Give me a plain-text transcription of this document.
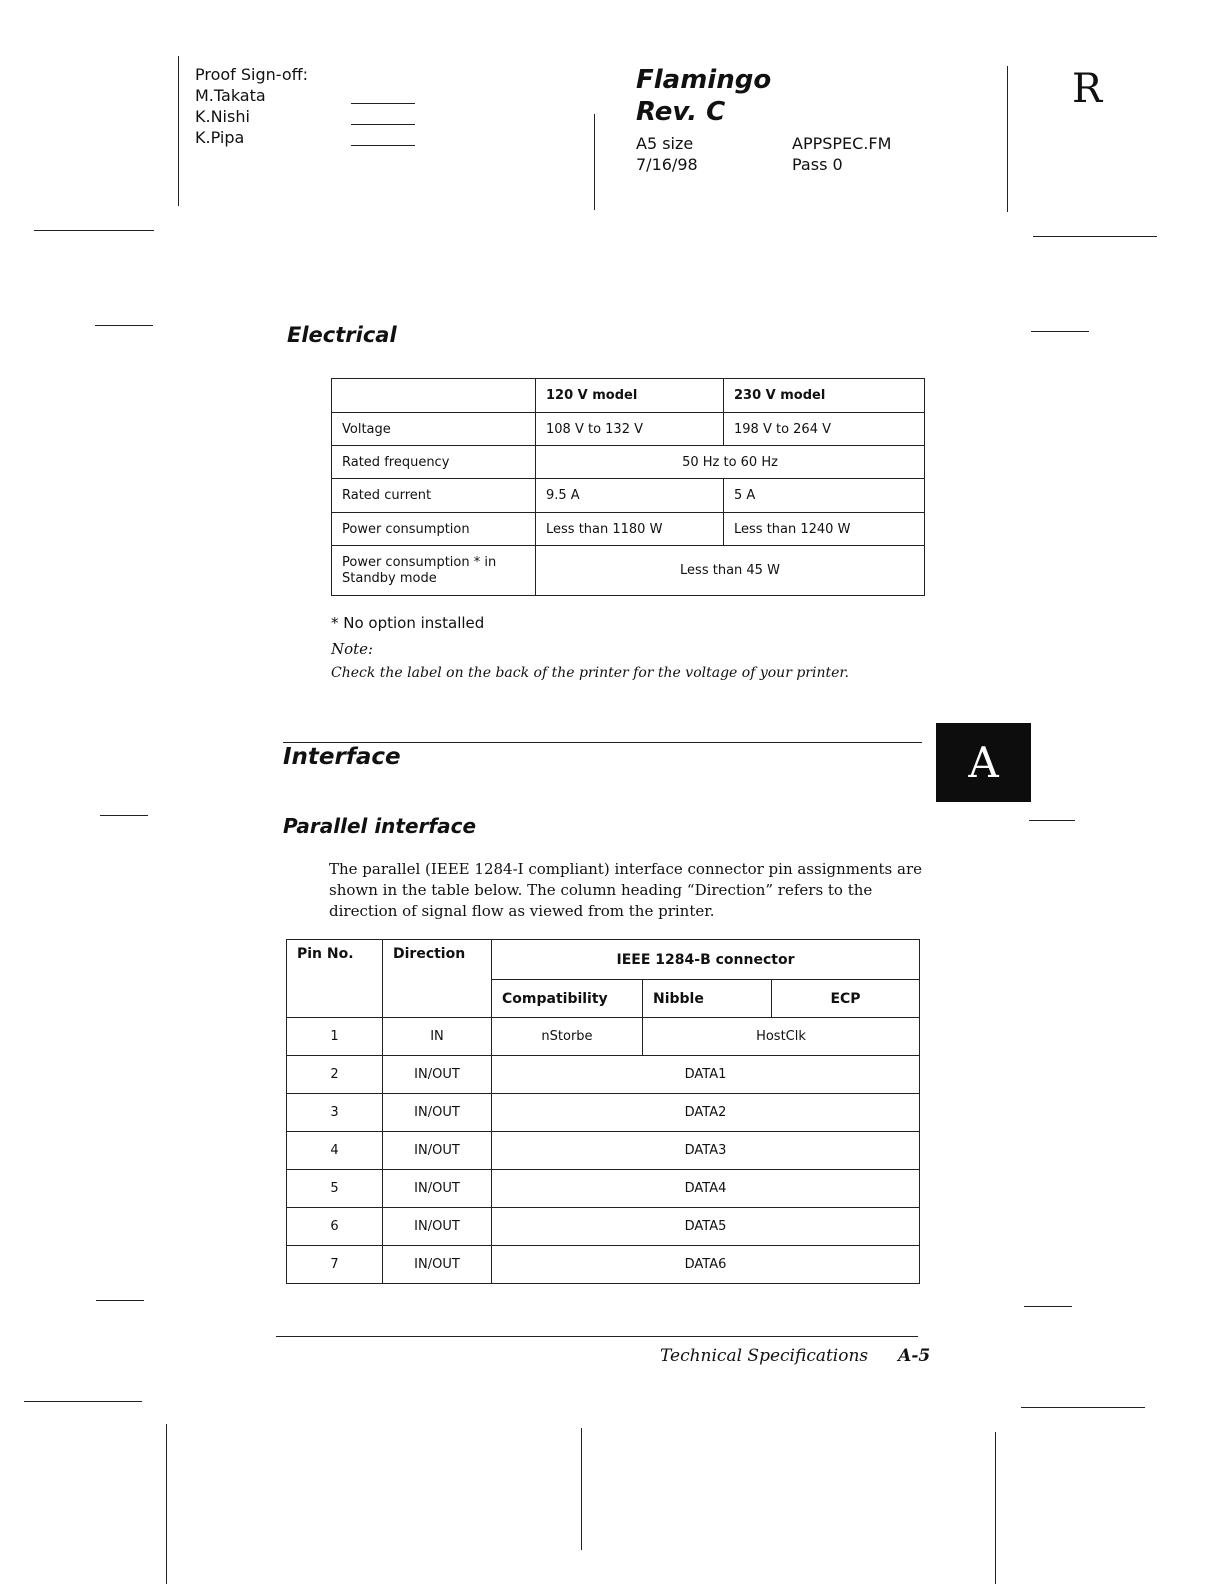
Proof Sign-off:
M.Takata
K.Nishi
K.Pipa
Flamingo
Rev. C
A5 size
7/16/98
APPSPEC.FM
Pass 0
R
Electrical
	120 V model	230 V model
Voltage	108 V to 132 V	198 V to 264 V
Rated frequency	50 Hz to 60 Hz	
Rated current	9.5 A	5 A
Power consumption	Less than 1180 W	Less than 1240 W
Power consumption * in Standby mode	Less than 45 W	
* No option installed
Note:
Check the label on the back of the printer for the voltage of your printer.
Interface	A
Parallel interface
The parallel (IEEE 1284-I compliant) interface connector pin assignments are shown in the table below. The column heading “Direction” refers to the direction of signal flow as viewed from the printer.
Pin No.	Direction	IEEE 1284-B connector		
		Compatibility	Nibble	ECP
1	IN	nStorbe	HostClk	
2	IN/OUT	DATA1		
3	IN/OUT	DATA2		
4	IN/OUT	DATA3		
5	IN/OUT	DATA4		
6	IN/OUT	DATA5		
7	IN/OUT	DATA6		
Technical Specifications A-5
